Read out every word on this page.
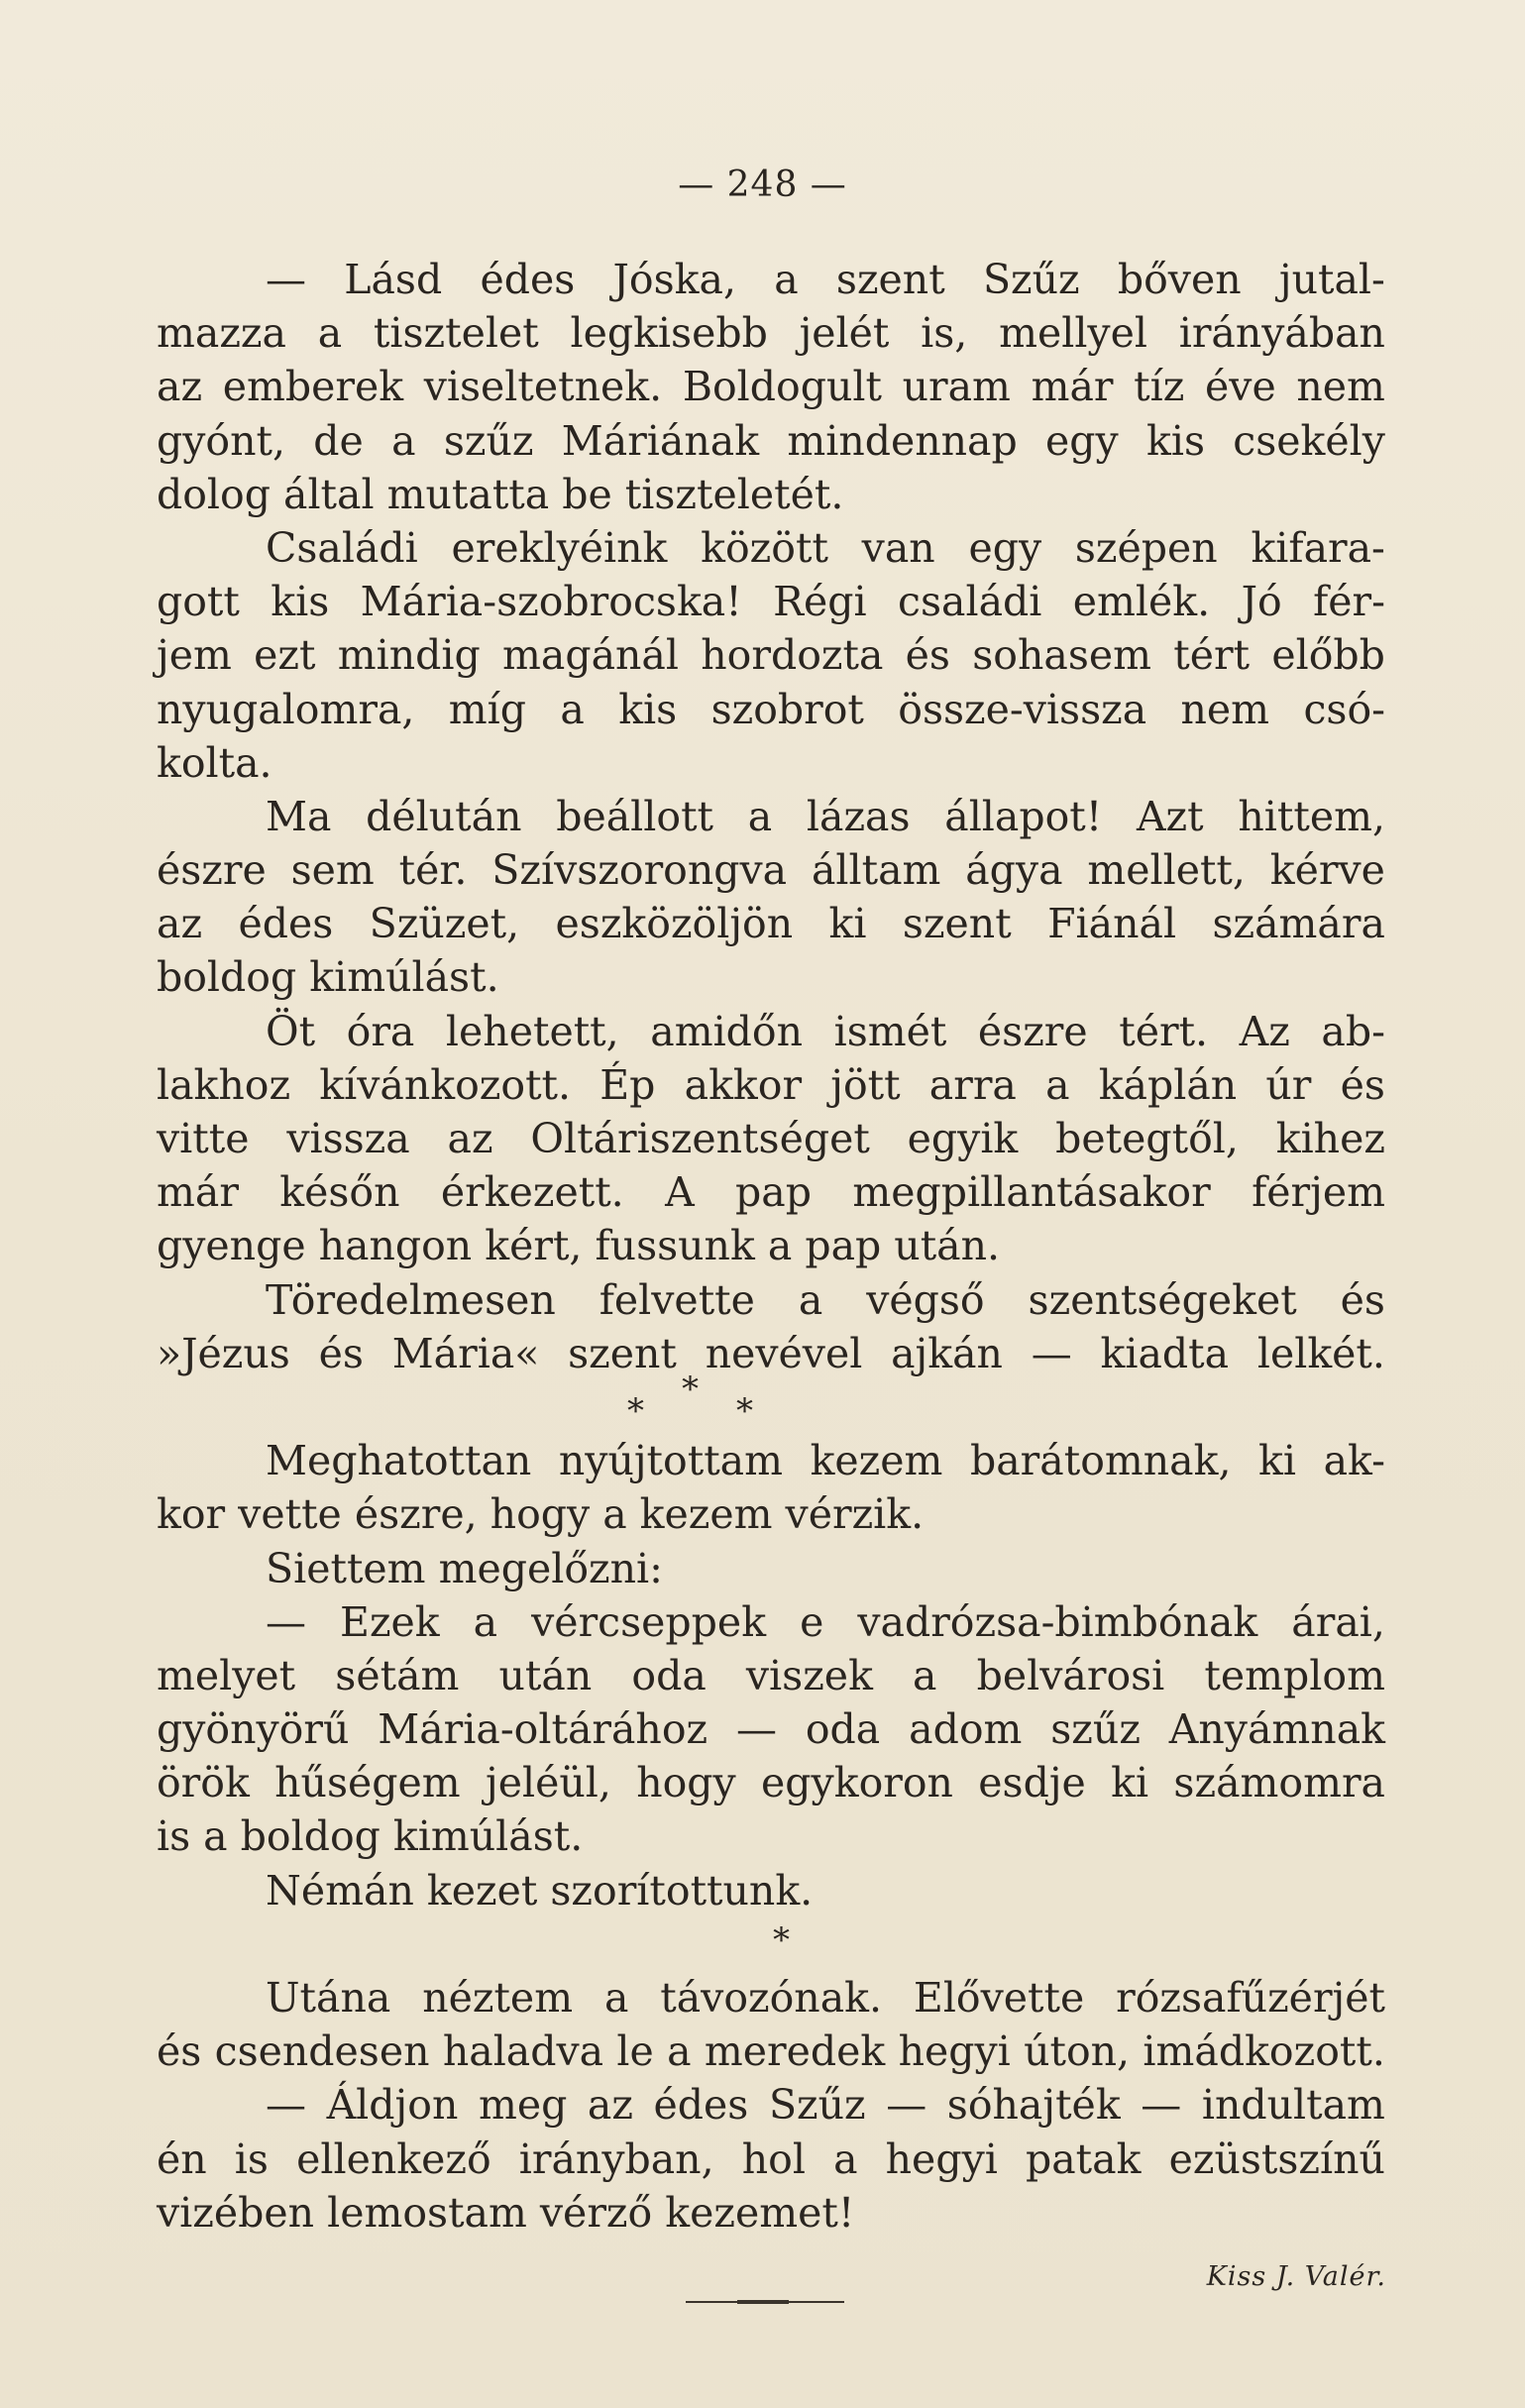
— 248 —
— Lásd édes Jóska, a szent Szűz bőven jutal-
mazza a tisztelet legkisebb jelét is, mellyel irányában
az emberek viseltetnek. Boldogult uram már tíz éve nem
gyónt, de a szűz Máriának mindennap egy kis csekély
dolog által mutatta be tiszteletét.
Családi ereklyéink között van egy szépen kifara-
gott kis Mária-szobrocska! Régi családi emlék. Jó fér-
jem ezt mindig magánál hordozta és sohasem tért előbb
nyugalomra, míg a kis szobrot össze-vissza nem csó-
kolta.
Ma délután beállott a lázas állapot! Azt hittem,
észre sem tér. Szívszorongva álltam ágya mellett, kérve
az édes Szüzet, eszközöljön ki szent Fiánál számára
boldog kimúlást.
Öt óra lehetett, amidőn ismét észre tért. Az ab-
lakhoz kívánkozott. Ép akkor jött arra a káplán úr és
vitte vissza az Oltáriszentséget egyik betegtől, kihez
már későn érkezett. A pap megpillantásakor férjem
gyenge hangon kért, fussunk a pap után.
Töredelmesen felvette a végső szentségeket és
»Jézus és Mária« szent nevével ajkán — kiadta lelkét.
*
*	*
Meghatottan nyújtottam kezem barátomnak, ki ak-
kor vette észre, hogy a kezem vérzik.
Siettem megelőzni:
— Ezek a vércseppek e vadrózsa-bimbónak árai,
melyet sétám után oda viszek a belvárosi templom
gyönyörű Mária-oltárához — oda adom szűz Anyámnak
örök hűségem jeléül, hogy egykoron esdje ki számomra
is a boldog kimúlást.
Némán kezet szorítottunk.
*
Utána néztem a távozónak. Elővette rózsafűzérjét
és csendesen haladva le a meredek hegyi úton, imádkozott.
— Áldjon meg az édes Szűz — sóhajték — indultam
én is ellenkező irányban, hol a hegyi patak ezüstszínű
vizében lemostam vérző kezemet!
Kiss J. Valér.
